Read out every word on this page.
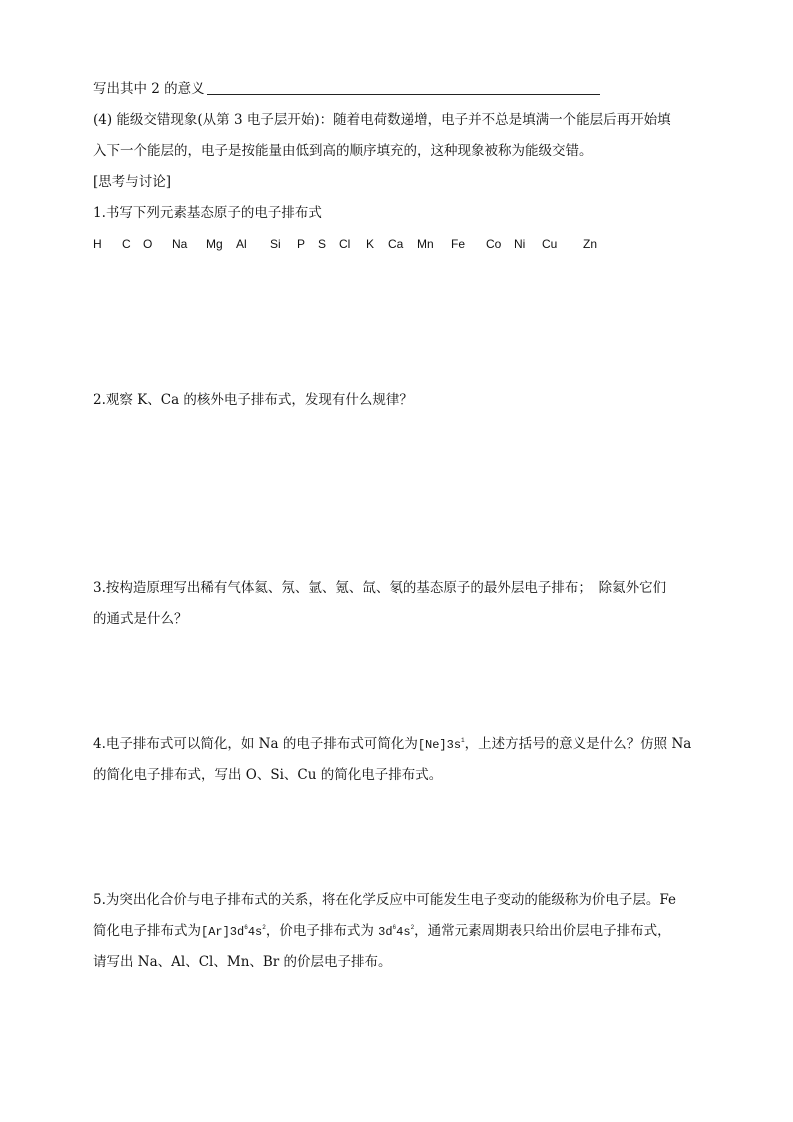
写出其中 2 的意义
(4) 能级交错现象(从第 3 电子层开始)：随着电荷数递增，电子并不总是填满一个能层后再开始填
入下一个能层的，电子是按能量由低到高的顺序填充的，这种现象被称为能级交错。
[思考与讨论]
1.书写下列元素基态原子的电子排布式
H C O Na Mg Al Si P S Cl K Ca Mn Fe Co Ni Cu Zn
2.观察 K、Ca 的核外电子排布式，发现有什么规律？
3.按构造原理写出稀有气体氦、氖、氩、氪、氙、氡的基态原子的最外层电子排布；　除氦外它们
的通式是什么？
4.电子排布式可以简化，如 Na 的电子排布式可简化为$[Ne]3s^1$，上述方括号的意义是什么？仿照 Na
的简化电子排布式，写出 O、Si、Cu 的简化电子排布式。
5.为突出化合价与电子排布式的关系，将在化学反应中可能发生电子变动的能级称为价电子层。Fe
简化电子排布式为$[Ar]3d^64s^2$，价电子排布式为 $3d^64s^2$，通常元素周期表只给出价层电子排布式，
请写出 Na、Al、Cl、Mn、Br 的价层电子排布。
